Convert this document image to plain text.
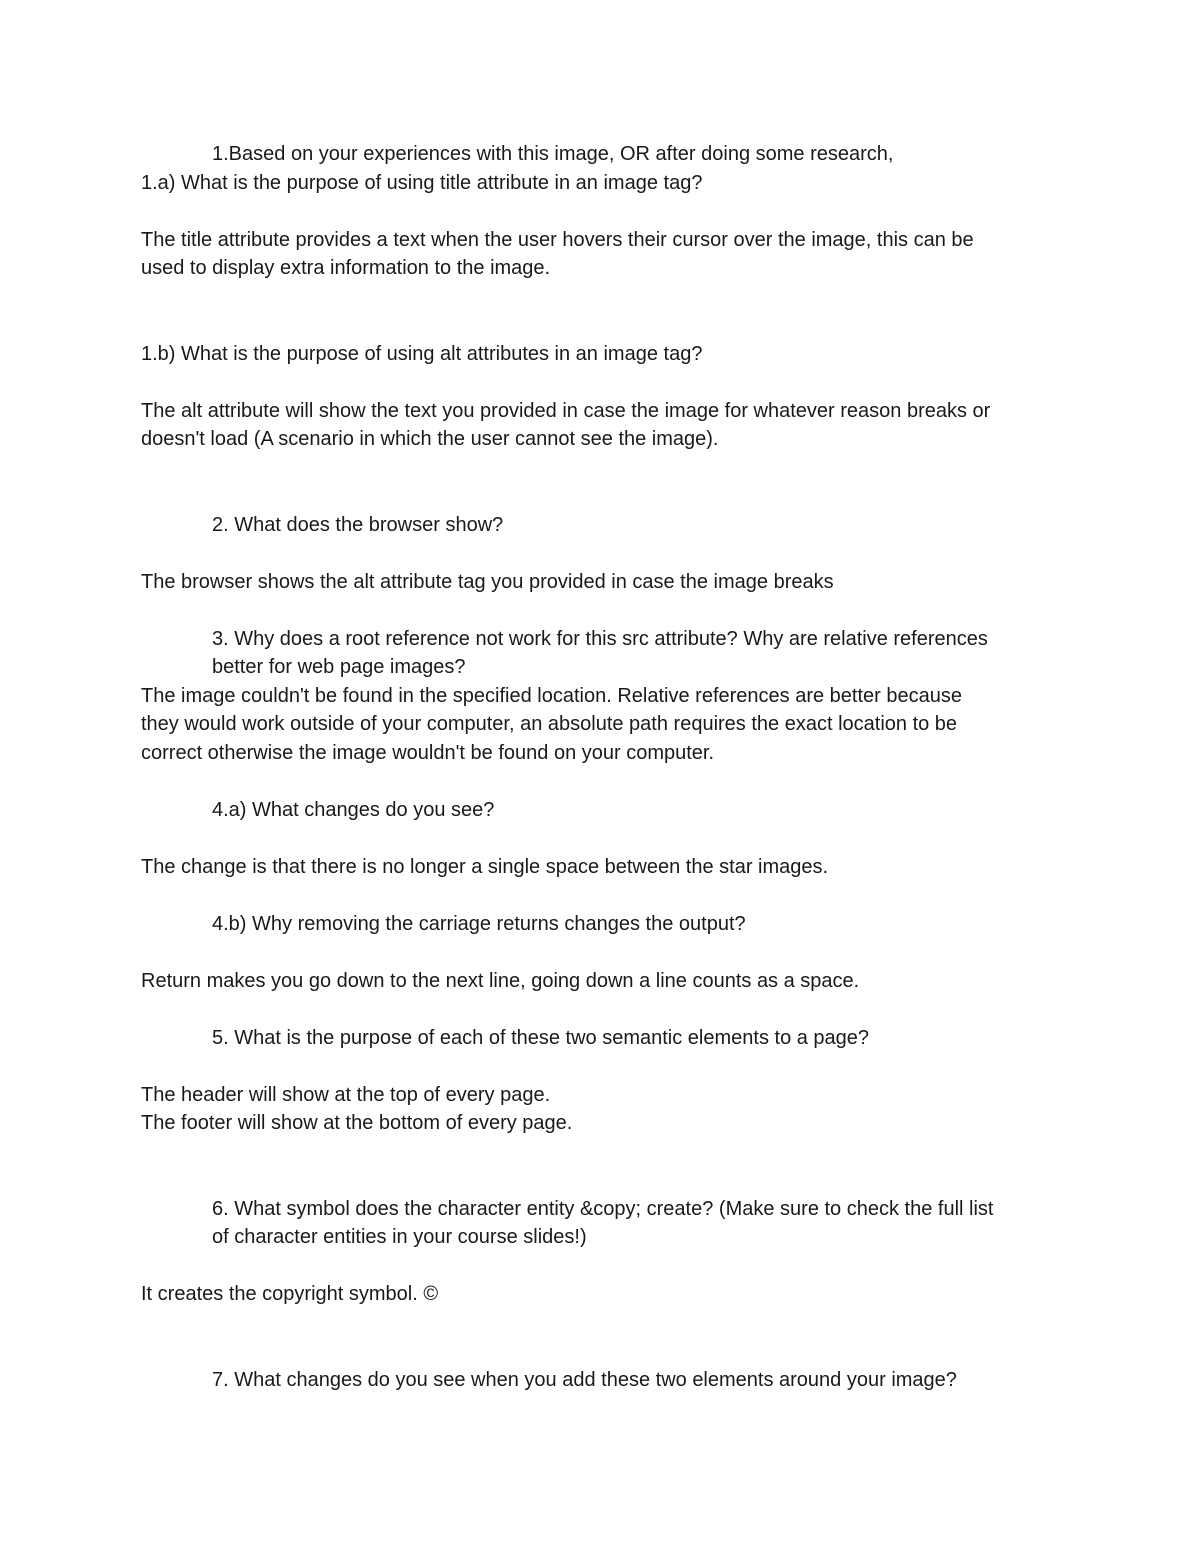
1.Based on your experiences with this image, OR after doing some research,

1.a) What is the purpose of using title attribute in an image tag?

The title attribute provides a text when the user hovers their cursor over the image, this can be

used to display extra information to the image.

1.b) What is the purpose of using alt attributes in an image tag?

The alt attribute will show the text you provided in case the image for whatever reason breaks or

doesn't load (A scenario in which the user cannot see the image).

2. What does the browser show?

The browser shows the alt attribute tag you provided in case the image breaks

3. Why does a root reference not work for this src attribute? Why are relative references

better for web page images?

The image couldn't be found in the specified location. Relative references are better because

they would work outside of your computer, an absolute path requires the exact location to be

correct otherwise the image wouldn't be found on your computer.

4.a) What changes do you see?

The change is that there is no longer a single space between the star images.

4.b) Why removing the carriage returns changes the output?

Return makes you go down to the next line, going down a line counts as a space.

5. What is the purpose of each of these two semantic elements to a page?

The header will show at the top of every page.

The footer will show at the bottom of every page.

6. What symbol does the character entity &copy; create? (Make sure to check the full list

of character entities in your course slides!)

It creates the copyright symbol. ©

7. What changes do you see when you add these two elements around your image?
